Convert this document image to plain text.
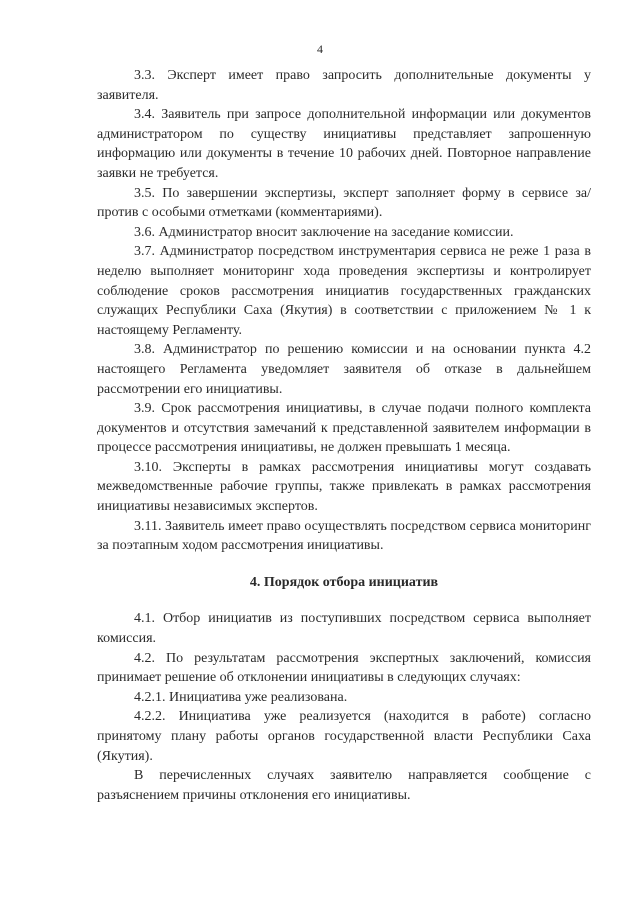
4

3.3. Эксперт имеет право запросить дополнительные документы у заявителя.

3.4. Заявитель при запросе дополнительной информации или документов администратором по существу инициативы представляет запрошенную информацию или документы в течение 10 рабочих дней. Повторное направление заявки не требуется.

3.5. По завершении экспертизы, эксперт заполняет форму в сервисе за/против с особыми отметками (комментариями).

3.6. Администратор вносит заключение на заседание комиссии.

3.7. Администратор посредством инструментария сервиса не реже 1 раза в неделю выполняет мониторинг хода проведения экспертизы и контролирует соблюдение сроков рассмотрения инициатив государственных гражданских служащих Республики Саха (Якутия) в соответствии с приложением № 1 к настоящему Регламенту.

3.8. Администратор по решению комиссии и на основании пункта 4.2 настоящего Регламента уведомляет заявителя об отказе в дальнейшем рассмотрении его инициативы.

3.9. Срок рассмотрения инициативы, в случае подачи полного комплекта документов и отсутствия замечаний к представленной заявителем информации в процессе рассмотрения инициативы, не должен превышать 1 месяца.

3.10. Эксперты в рамках рассмотрения инициативы могут создавать межведомственные рабочие группы, также привлекать в рамках рассмотрения инициативы независимых экспертов.

3.11. Заявитель имеет право осуществлять посредством сервиса мониторинг за поэтапным ходом рассмотрения инициативы.

4. Порядок отбора инициатив

4.1. Отбор инициатив из поступивших посредством сервиса выполняет комиссия.

4.2. По результатам рассмотрения экспертных заключений, комиссия принимает решение об отклонении инициативы в следующих случаях:

4.2.1. Инициатива уже реализована.

4.2.2. Инициатива уже реализуется (находится в работе) согласно принятому плану работы органов государственной власти Республики Саха (Якутия).

В перечисленных случаях заявителю направляется сообщение с разъяснением причины отклонения его инициативы.
